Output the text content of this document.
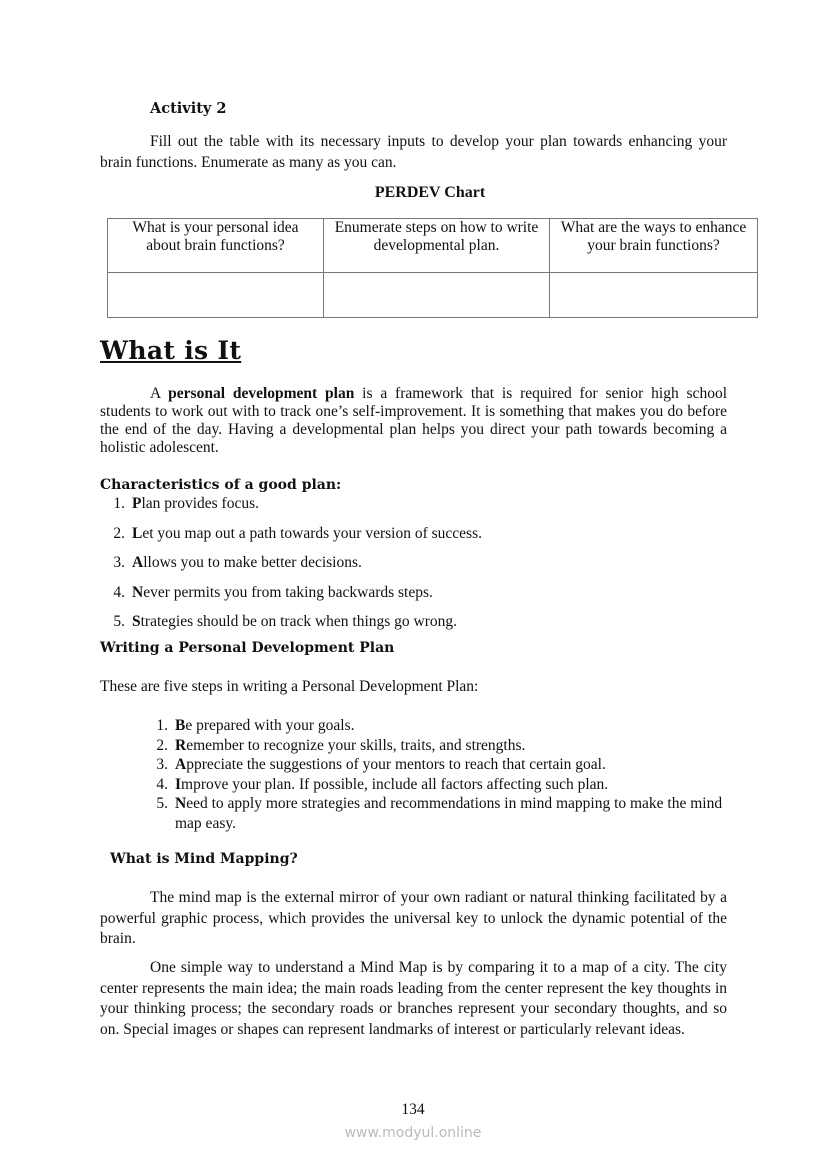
Activity 2

Fill out the table with its necessary inputs to develop your plan towards enhancing your brain functions. Enumerate as many as you can.

PERDEV Chart
What is your personal idea about brain functions?	Enumerate steps on how to write developmental plan.	What are the ways to enhance your brain functions?

What is It

A personal development plan is a framework that is required for senior high school students to work out with to track one’s self-improvement. It is something that makes you do before the end of the day. Having a developmental plan helps you direct your path towards becoming a holistic adolescent.

Characteristics of a good plan:
1. P lan provides focus.
2. L et you map out a path towards your version of success.
3. A llows you to make better decisions.
4. N ever permits you from taking backwards steps.
5. S trategies should be on track when things go wrong.
Writing a Personal Development Plan
These are five steps in writing a Personal Development Plan:
1. Be prepared with your goals.
2. Remember to recognize your skills, traits, and strengths.
3. Appreciate the suggestions of your mentors to reach that certain goal.
4. Improve your plan. If possible, include all factors affecting such plan.
5. Need to apply more strategies and recommendations in mind mapping to make the mind map easy.
What is Mind Mapping?

The mind map is the external mirror of your own radiant or natural thinking facilitated by a powerful graphic process, which provides the universal key to unlock the dynamic potential of the brain.

One simple way to understand a Mind Map is by comparing it to a map of a city. The city center represents the main idea; the main roads leading from the center represent the key thoughts in your thinking process; the secondary roads or branches represent your secondary thoughts, and so on. Special images or shapes can represent landmarks of interest or particularly relevant ideas.

134
www.modyul.online
